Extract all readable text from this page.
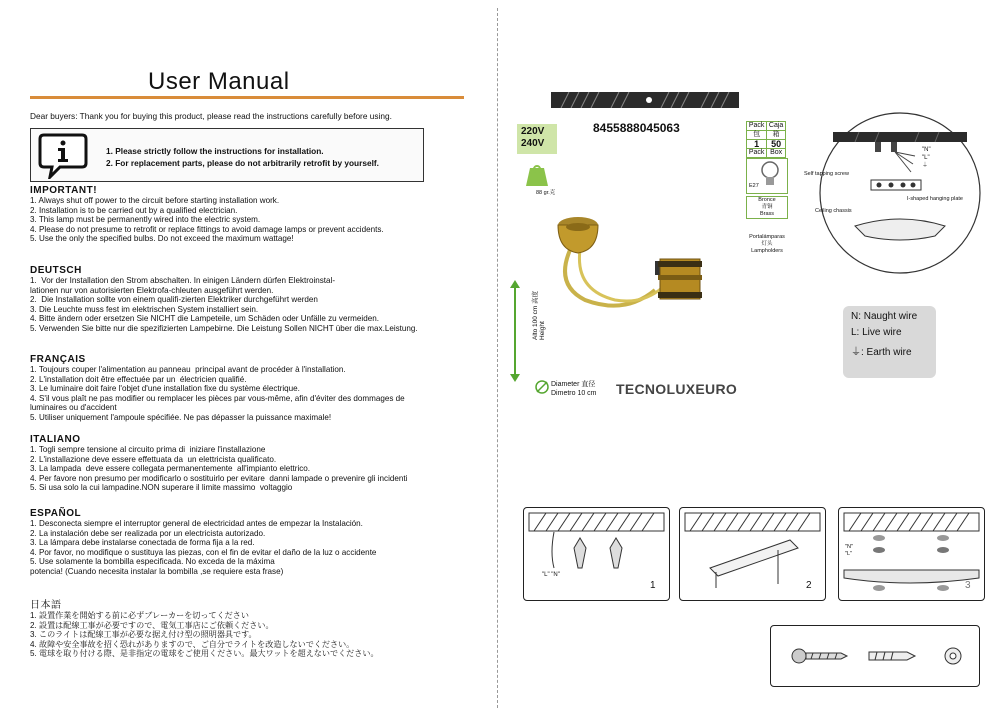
User Manual
Dear buyers: Thank you for buying this product, please read the instructions carefully before using.
1. Please strictly follow the instructions for installation.
2. For replacement parts, please do not arbitrarily retrofit by yourself.
IMPORTANT!
1. Always shut off power to the circuit before starting installation work.
2. Installation is to be carried out by a qualified electrician.
3. This lamp must be permanently wired into the electric system.
4. Please do not presume to retrofit or replace fittings to avoid damage lamps or prevent accidents.
5. Use the only the specified bulbs. Do not exceed the maximum wattage!
DEUTSCH
1.  Vor der Installation den Strom abschalten. In einigen Ländern dürfen Elektroinstal-
lationen nur von autorisierten Elektrofa-chleuten ausgeführt werden.
2.  Die Installation sollte von einem qualifi-zierten Elektriker durchgeführt werden
3. Die Leuchte muss fest im elektrischen System installiert sein.
4. Bitte ändern oder ersetzen Sie NICHT die Lampeteile, um Schäden oder Unfälle zu vermeiden.
5. Verwenden Sie bitte nur die spezifizierten Lampebirne. Die Leistung Sollen NICHT über die max.Leistung.
FRANÇAIS
1. Toujours couper l'alimentation au panneau  principal avant de procéder à l'installation.
2. L'installation doit être effectuée par un  électricien qualifié.
3. Le luminaire doit faire l'objet d'une installation fixe du système électrique.
4. S'il vous plaît ne pas modifier ou remplacer les pièces par vous-même, afin d'éviter des dommages de
luminaires ou d'accident
5. Utiliser uniquement l'ampoule spécifiée. Ne pas dépasser la puissance maximale!
ITALIANO
1. Togli sempre tensione al circuito prima di  iniziare l'installazione
2. L'installazione deve essere effettuata da  un elettricista qualificato.
3. La lampada  deve essere collegata permanentemente  all'impianto elettrico.
4. Per favore non presumo per modificarlo o sostituirlo per evitare  danni lampade o prevenire gli incidenti
5. Si usa solo la cui lampadine.NON superare il limite massimo  voltaggio
ESPAÑOL
1. Desconecta siempre el interruptor general de electricidad antes de empezar la Instalación.
2. La instalación debe ser realizada por un electricista autorizado.
3. La lámpara debe instalarse conectada de forma fija a la red.
4. Por favor, no modifique o sustituya las piezas, con el fin de evitar el daño de la luz o accidente
5. Use solamente la bombilla especificada. No exceda de la máxima
potencia! (Cuando necesita instalar la bombilla ,se requiere esta frase)
日本語
1. 設置作業を開始する前に必ずブレーカーを切ってください
2. 設置は配線工事が必要ですので、電気工事店にご依頼ください。
3. このライトは配線工事が必要な据え付け型の照明器具です。
4. 故障や安全事故を招く恐れがありますので、ご自分でライトを改造しないでください。
5. 電球を取り付ける際、是非指定の電球をご使用ください。最大ワットを超えないでください。
220V
240V
88 gr.克
8455888045063	Pack	Caja
包	箱
1	50
Pack	Box
E27
Bronce
青铜
Brass
Portalámparas
灯头
Lampholders
Alto 100 cm 高度
Height
Diameter 直径
Dimetro 10 cm TECNOLUXEURO
"N"
"L"
⏚
Self tapping screw
I-shaped hanging plate
Ceiling chassis
N: Naught wire
L: Live wire
⏚: Earth wire
"L" "N"
1	2
"N"
"L"
3
